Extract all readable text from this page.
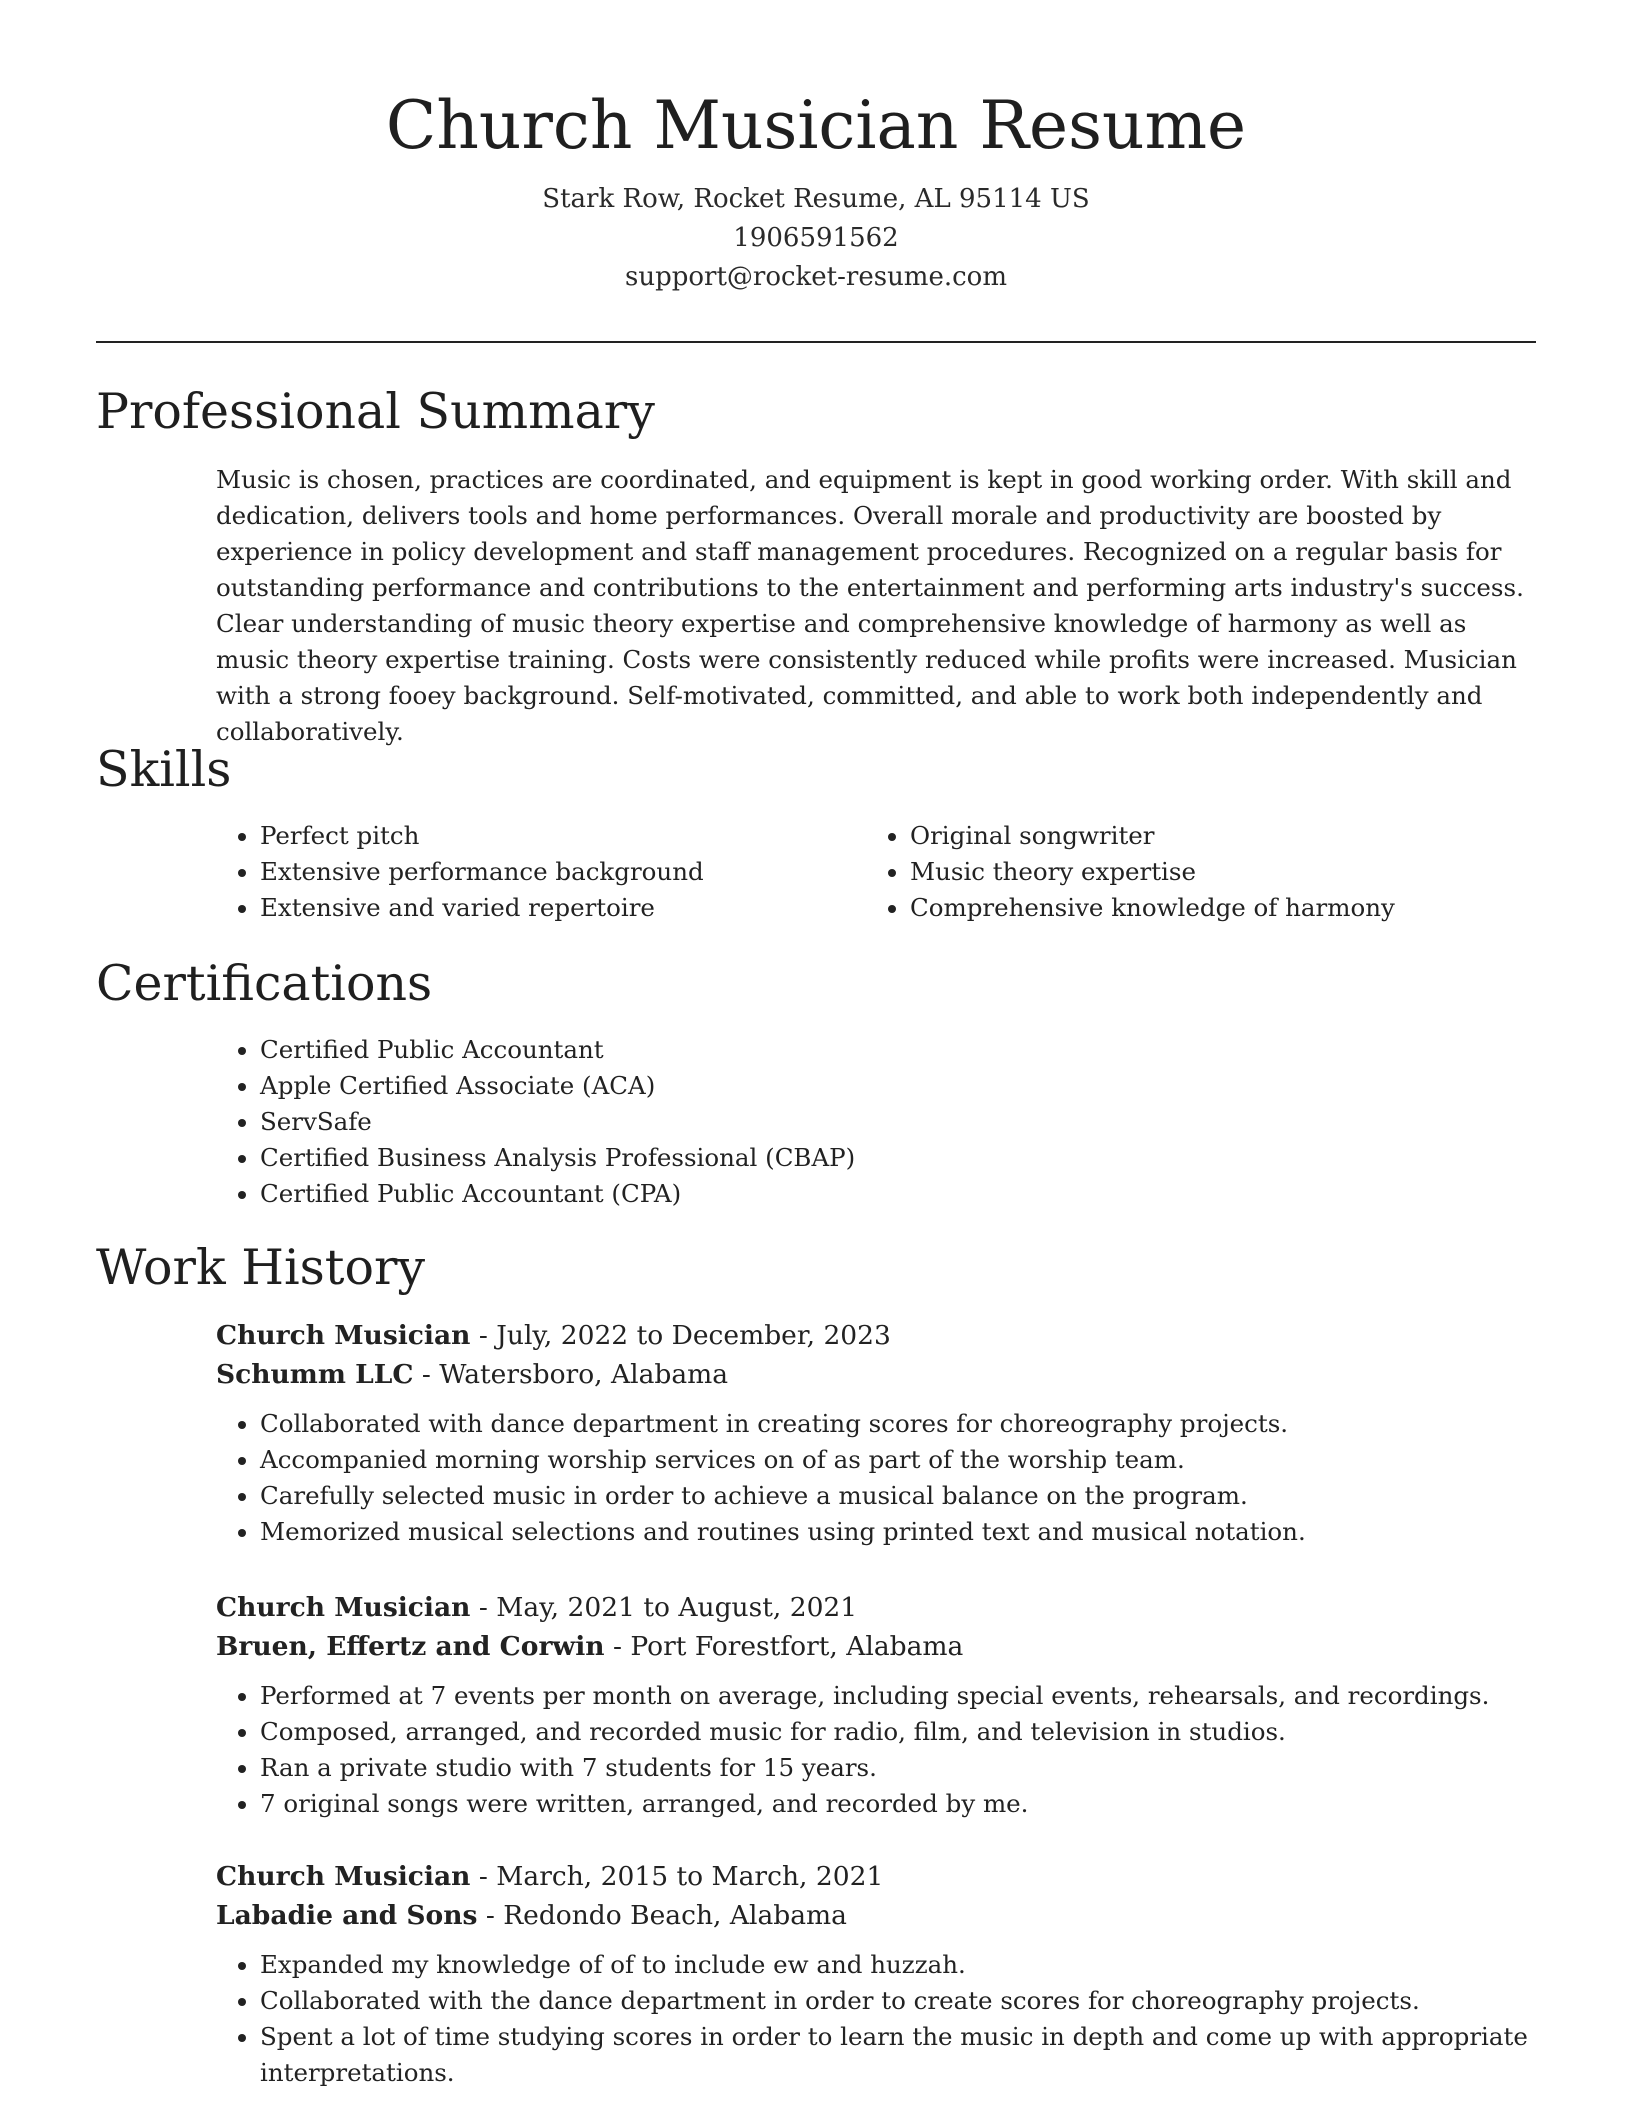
Church Musician Resume
Stark Row, Rocket Resume, AL 95114 US
1906591562
support@rocket-resume.com
Professional Summary

Music is chosen, practices are coordinated, and equipment is kept in good working order. With skill and dedication, delivers tools and home performances. Overall morale and productivity are boosted by experience in policy development and staff management procedures. Recognized on a regular basis for outstanding performance and contributions to the entertainment and performing arts industry's success. Clear understanding of music theory expertise and comprehensive knowledge of harmony as well as music theory expertise training. Costs were consistently reduced while profits were increased. Musician with a strong fooey background. Self-motivated, committed, and able to work both independently and collaboratively.

Skills
• Perfect pitch
• Extensive performance background
• Extensive and varied repertoire
• Original songwriter
• Music theory expertise
• Comprehensive knowledge of harmony
Certifications
• Certified Public Accountant
• Apple Certified Associate (ACA)
• ServSafe
• Certified Business Analysis Professional (CBAP)
• Certified Public Accountant (CPA)
Work History
Church Musician - July, 2022 to December, 2023
Schumm LLC - Watersboro, Alabama
• Collaborated with dance department in creating scores for choreography projects.
• Accompanied morning worship services on of as part of the worship team.
• Carefully selected music in order to achieve a musical balance on the program.
• Memorized musical selections and routines using printed text and musical notation.
Church Musician - May, 2021 to August, 2021
Bruen, Effertz and Corwin - Port Forestfort, Alabama
• Performed at 7 events per month on average, including special events, rehearsals, and recordings.
• Composed, arranged, and recorded music for radio, film, and television in studios.
• Ran a private studio with 7 students for 15 years.
• 7 original songs were written, arranged, and recorded by me.
Church Musician - March, 2015 to March, 2021
Labadie and Sons - Redondo Beach, Alabama
• Expanded my knowledge of of to include ew and huzzah.
• Collaborated with the dance department in order to create scores for choreography projects.
• Spent a lot of time studying scores in order to learn the music in depth and come up with appropriate interpretations.
